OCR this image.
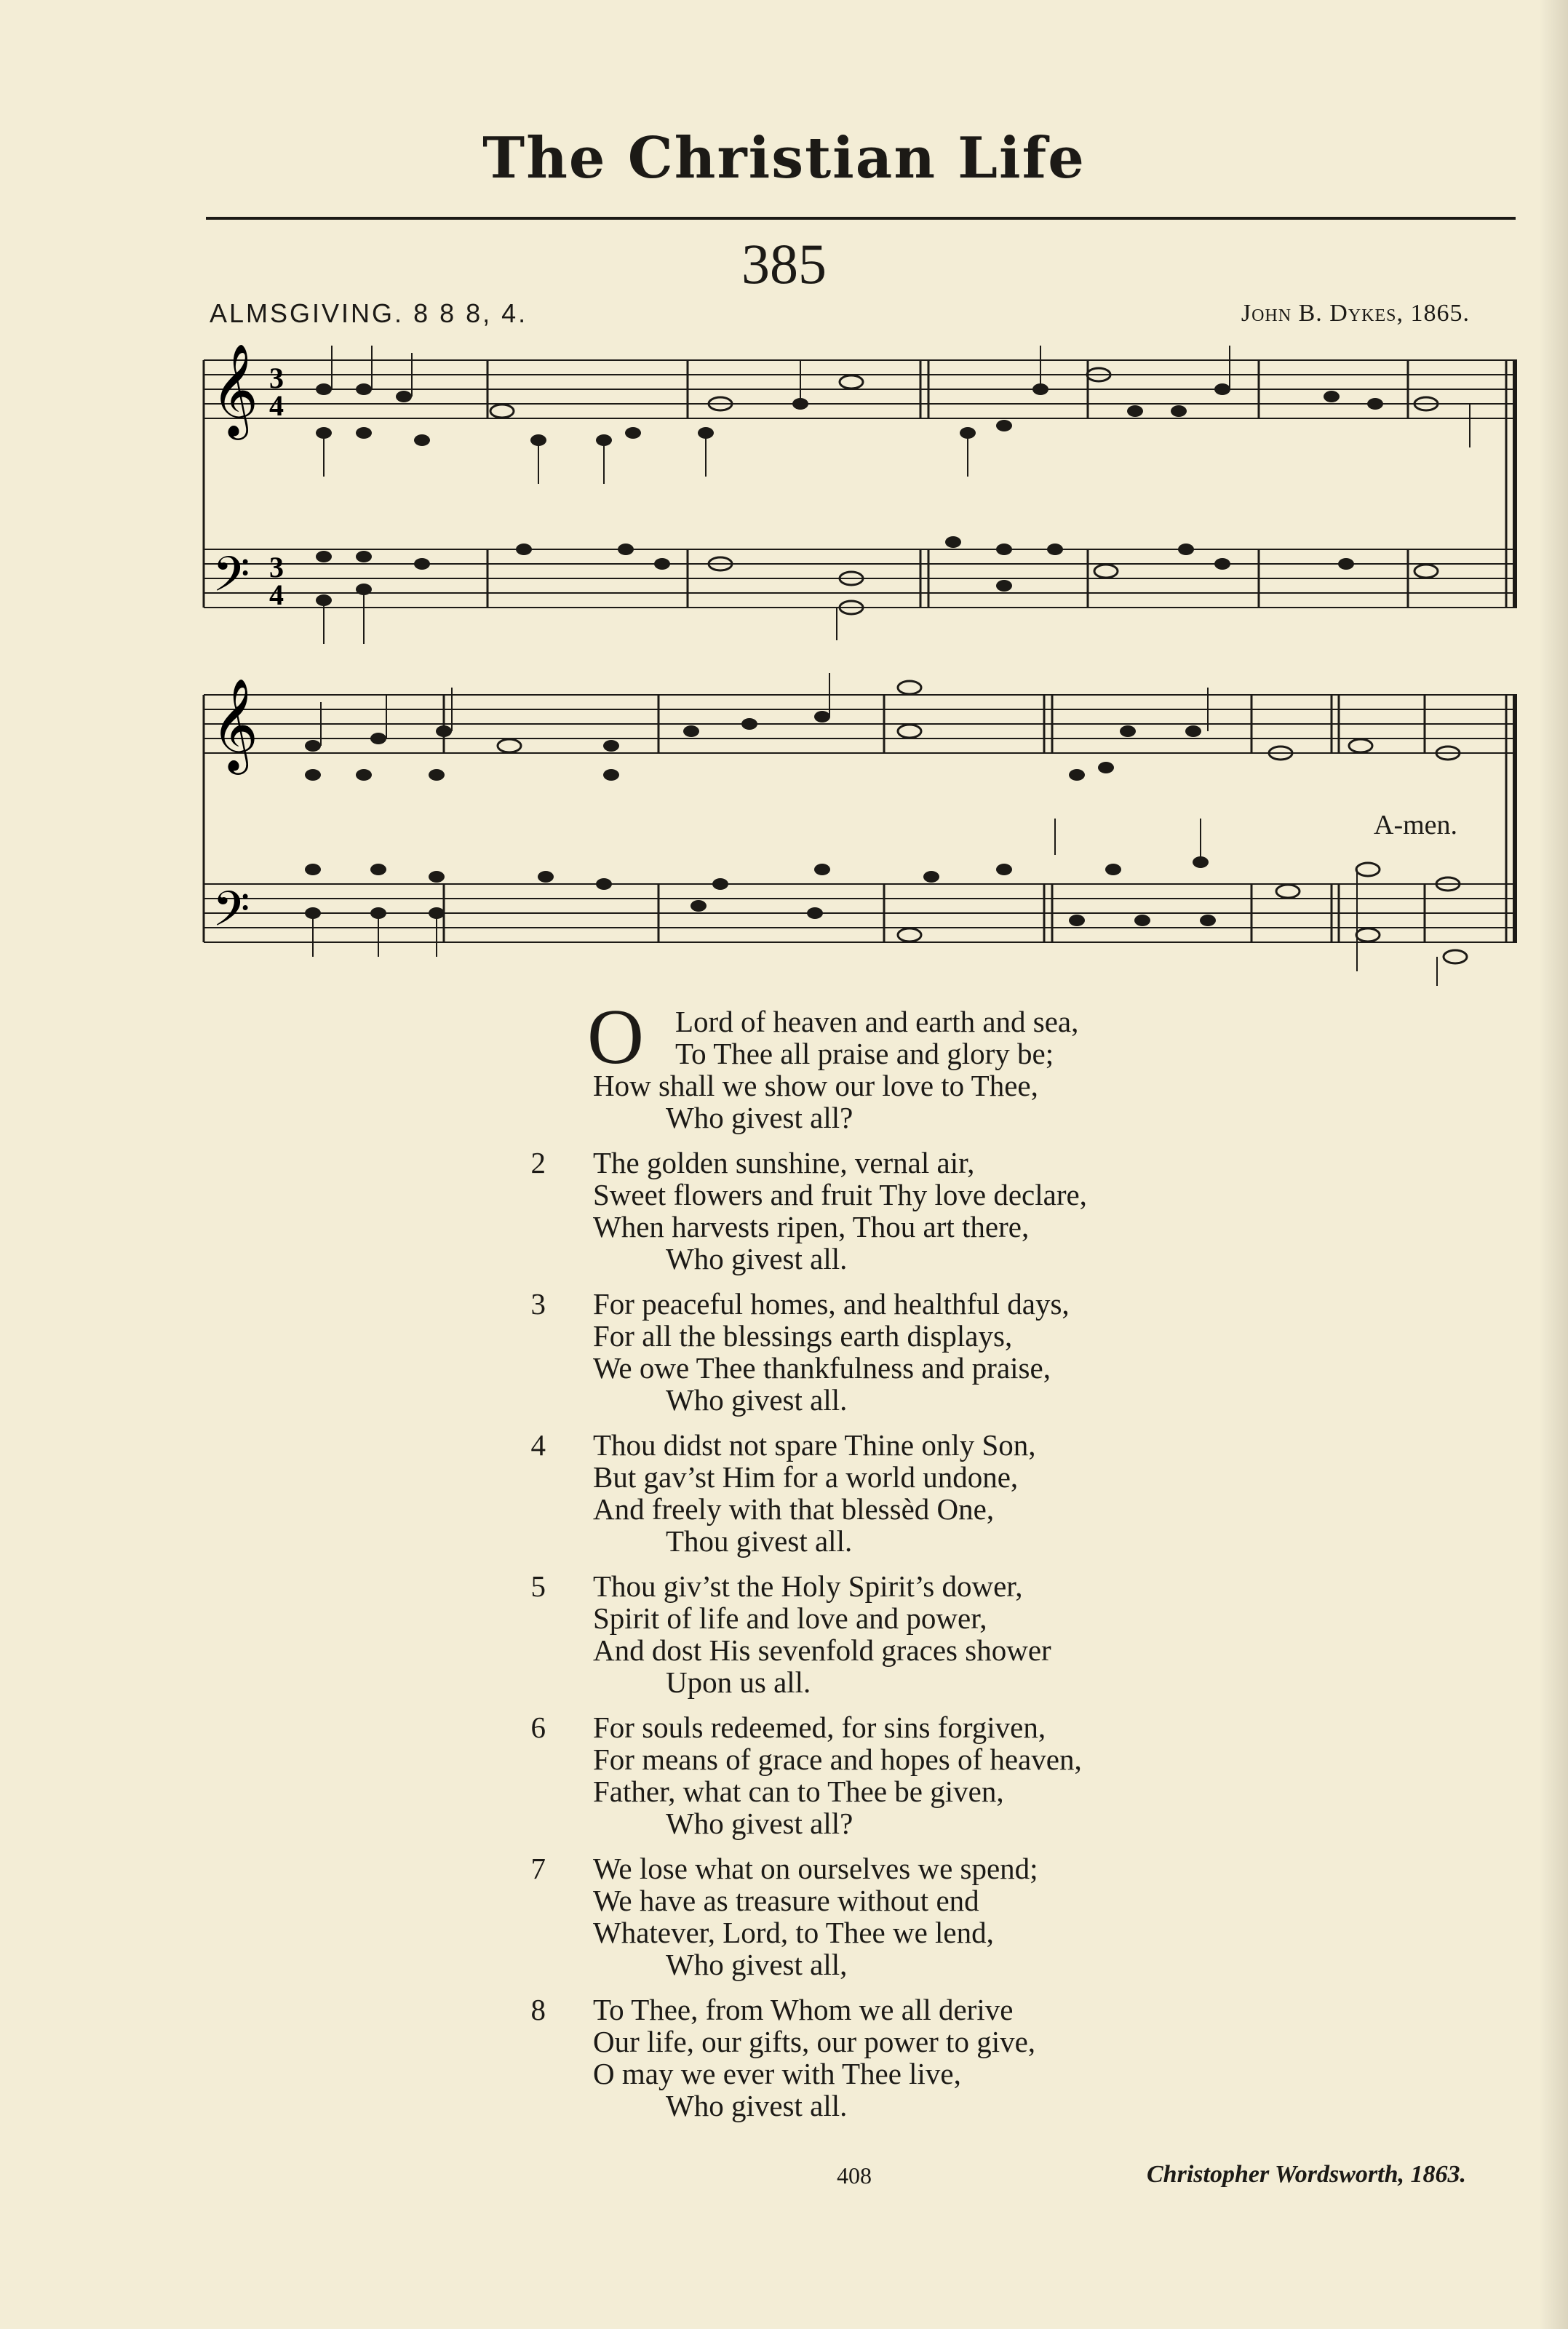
The Christian Life
385
ALMSGIVING. 8 8 8, 4.	John B. Dykes, 1865.
𝄞
𝄢
3
4
3
4
𝄞
𝄢
A-men.
O	Lord of heaven and earth and sea,
To Thee all praise and glory be;
How shall we show our love to Thee,
Who givest all?
2	The golden sunshine, vernal air,
Sweet flowers and fruit Thy love declare,
When harvests ripen, Thou art there,
Who givest all.
3	For peaceful homes, and healthful days,
For all the blessings earth displays,
We owe Thee thankfulness and praise,
Who givest all.
4	Thou didst not spare Thine only Son,
But gav’st Him for a world undone,
And freely with that blessèd One,
Thou givest all.
5	Thou giv’st the Holy Spirit’s dower,
Spirit of life and love and power,
And dost His sevenfold graces shower
Upon us all.
6	For souls redeemed, for sins forgiven,
For means of grace and hopes of heaven,
Father, what can to Thee be given,
Who givest all?
7	We lose what on ourselves we spend;
We have as treasure without end
Whatever, Lord, to Thee we lend,
Who givest all,
8	To Thee, from Whom we all derive
Our life, our gifts, our power to give,
O may we ever with Thee live,
Who givest all.
408	Christopher Wordsworth, 1863.
